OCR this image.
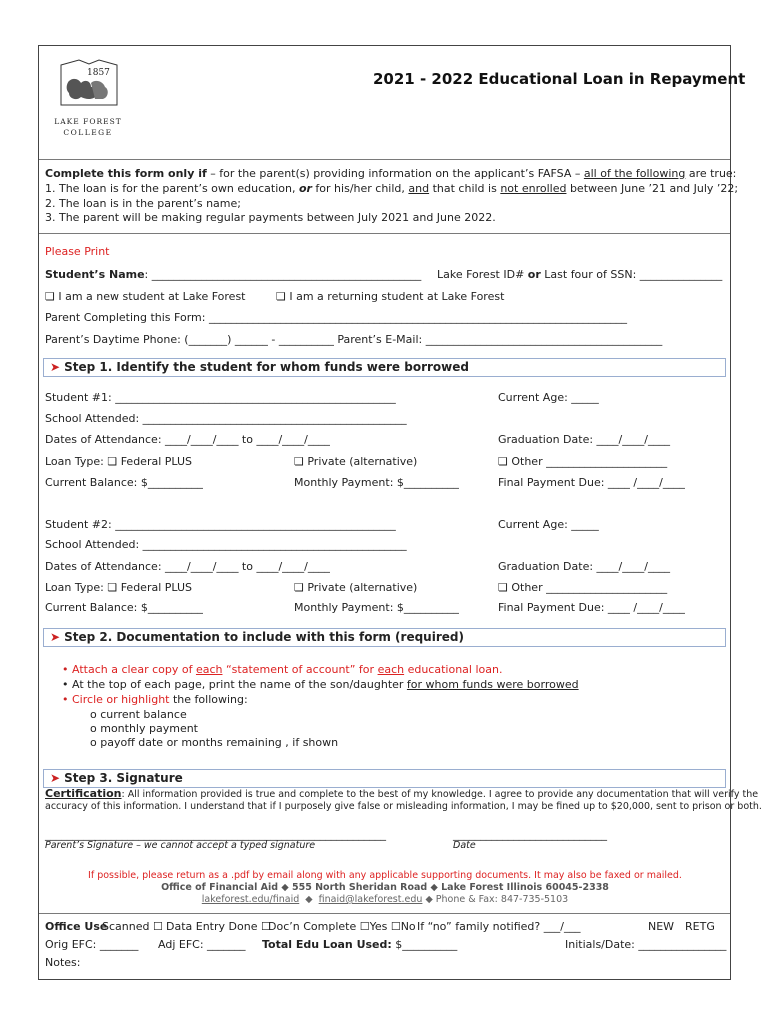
1857
LAKE FOREST
COLLEGE
2021 - 2022 Educational Loan in Repayment
Complete this form only if – for the parent(s) providing information on the applicant’s FAFSA – all of the following are true:
1. The loan is for the parent’s own education, or for his/her child, and that child is not enrolled between June ’21 and July ’22;
2. The loan is in the parent’s name;
3. The parent will be making regular payments between July 2021 and June 2022.
Please Print
Student’s Name: _________________________________________________ Lake Forest ID# or Last four of SSN: _______________
❏ I am a new student at Lake Forest	❏ I am a returning student at Lake Forest
Parent Completing this Form: ____________________________________________________________________________
Parent’s Daytime Phone: (_______) ______ - __________ Parent’s E-Mail: ___________________________________________
➤ Step 1. Identify the student for whom funds were borrowed
Student #1: ___________________________________________________	Current Age: _____
School Attended: ________________________________________________
Dates of Attendance: ____/____/____ to ____/____/____	Graduation Date: ____/____/____
Loan Type: ❏ Federal PLUS	❏ Private (alternative)	❏ Other ______________________
Current Balance: $__________	Monthly Payment: $__________	Final Payment Due: ____ /____/____
Student #2: ___________________________________________________	Current Age: _____
School Attended: ________________________________________________
Dates of Attendance: ____/____/____ to ____/____/____	Graduation Date: ____/____/____
Loan Type: ❏ Federal PLUS	❏ Private (alternative)	❏ Other ______________________
Current Balance: $__________	Monthly Payment: $__________	Final Payment Due: ____ /____/____
➤ Step 2. Documentation to include with this form (required)
• Attach a clear copy of each “statement of account” for each educational loan.
• At the top of each page, print the name of the son/daughter for whom funds were borrowed
• Circle or highlight the following:
o current balance
o monthly payment
o payoff date or months remaining , if shown
➤ Step 3. Signature
Certification: All information provided is true and complete to the best of my knowledge. I agree to provide any documentation that will verify the
accuracy of this information. I understand that if I purposely give false or misleading information, I may be fined up to $20,000, sent to prison or both.
______________________________________________________________	____________________________
Parent’s Signature – we cannot accept a typed signature	Date
If possible, please return as a .pdf by email along with any applicable supporting documents. It may also be faxed or mailed.
Office of Financial Aid ◆ 555 North Sheridan Road ◆ Lake Forest Illinois 60045-2338
lakeforest.edu/finaid  ◆  finaid@lakeforest.edu ◆ Phone & Fax: 847-735-5103
Office Use
Scanned ☐ Data Entry Done ☐
Doc’n Complete ☐Yes ☐No If “no” family notified? ___/___	NEW RETG
Orig EFC: _______ Adj EFC: _______ Total Edu Loan Used: $__________	Initials/Date: ________________
Notes:
